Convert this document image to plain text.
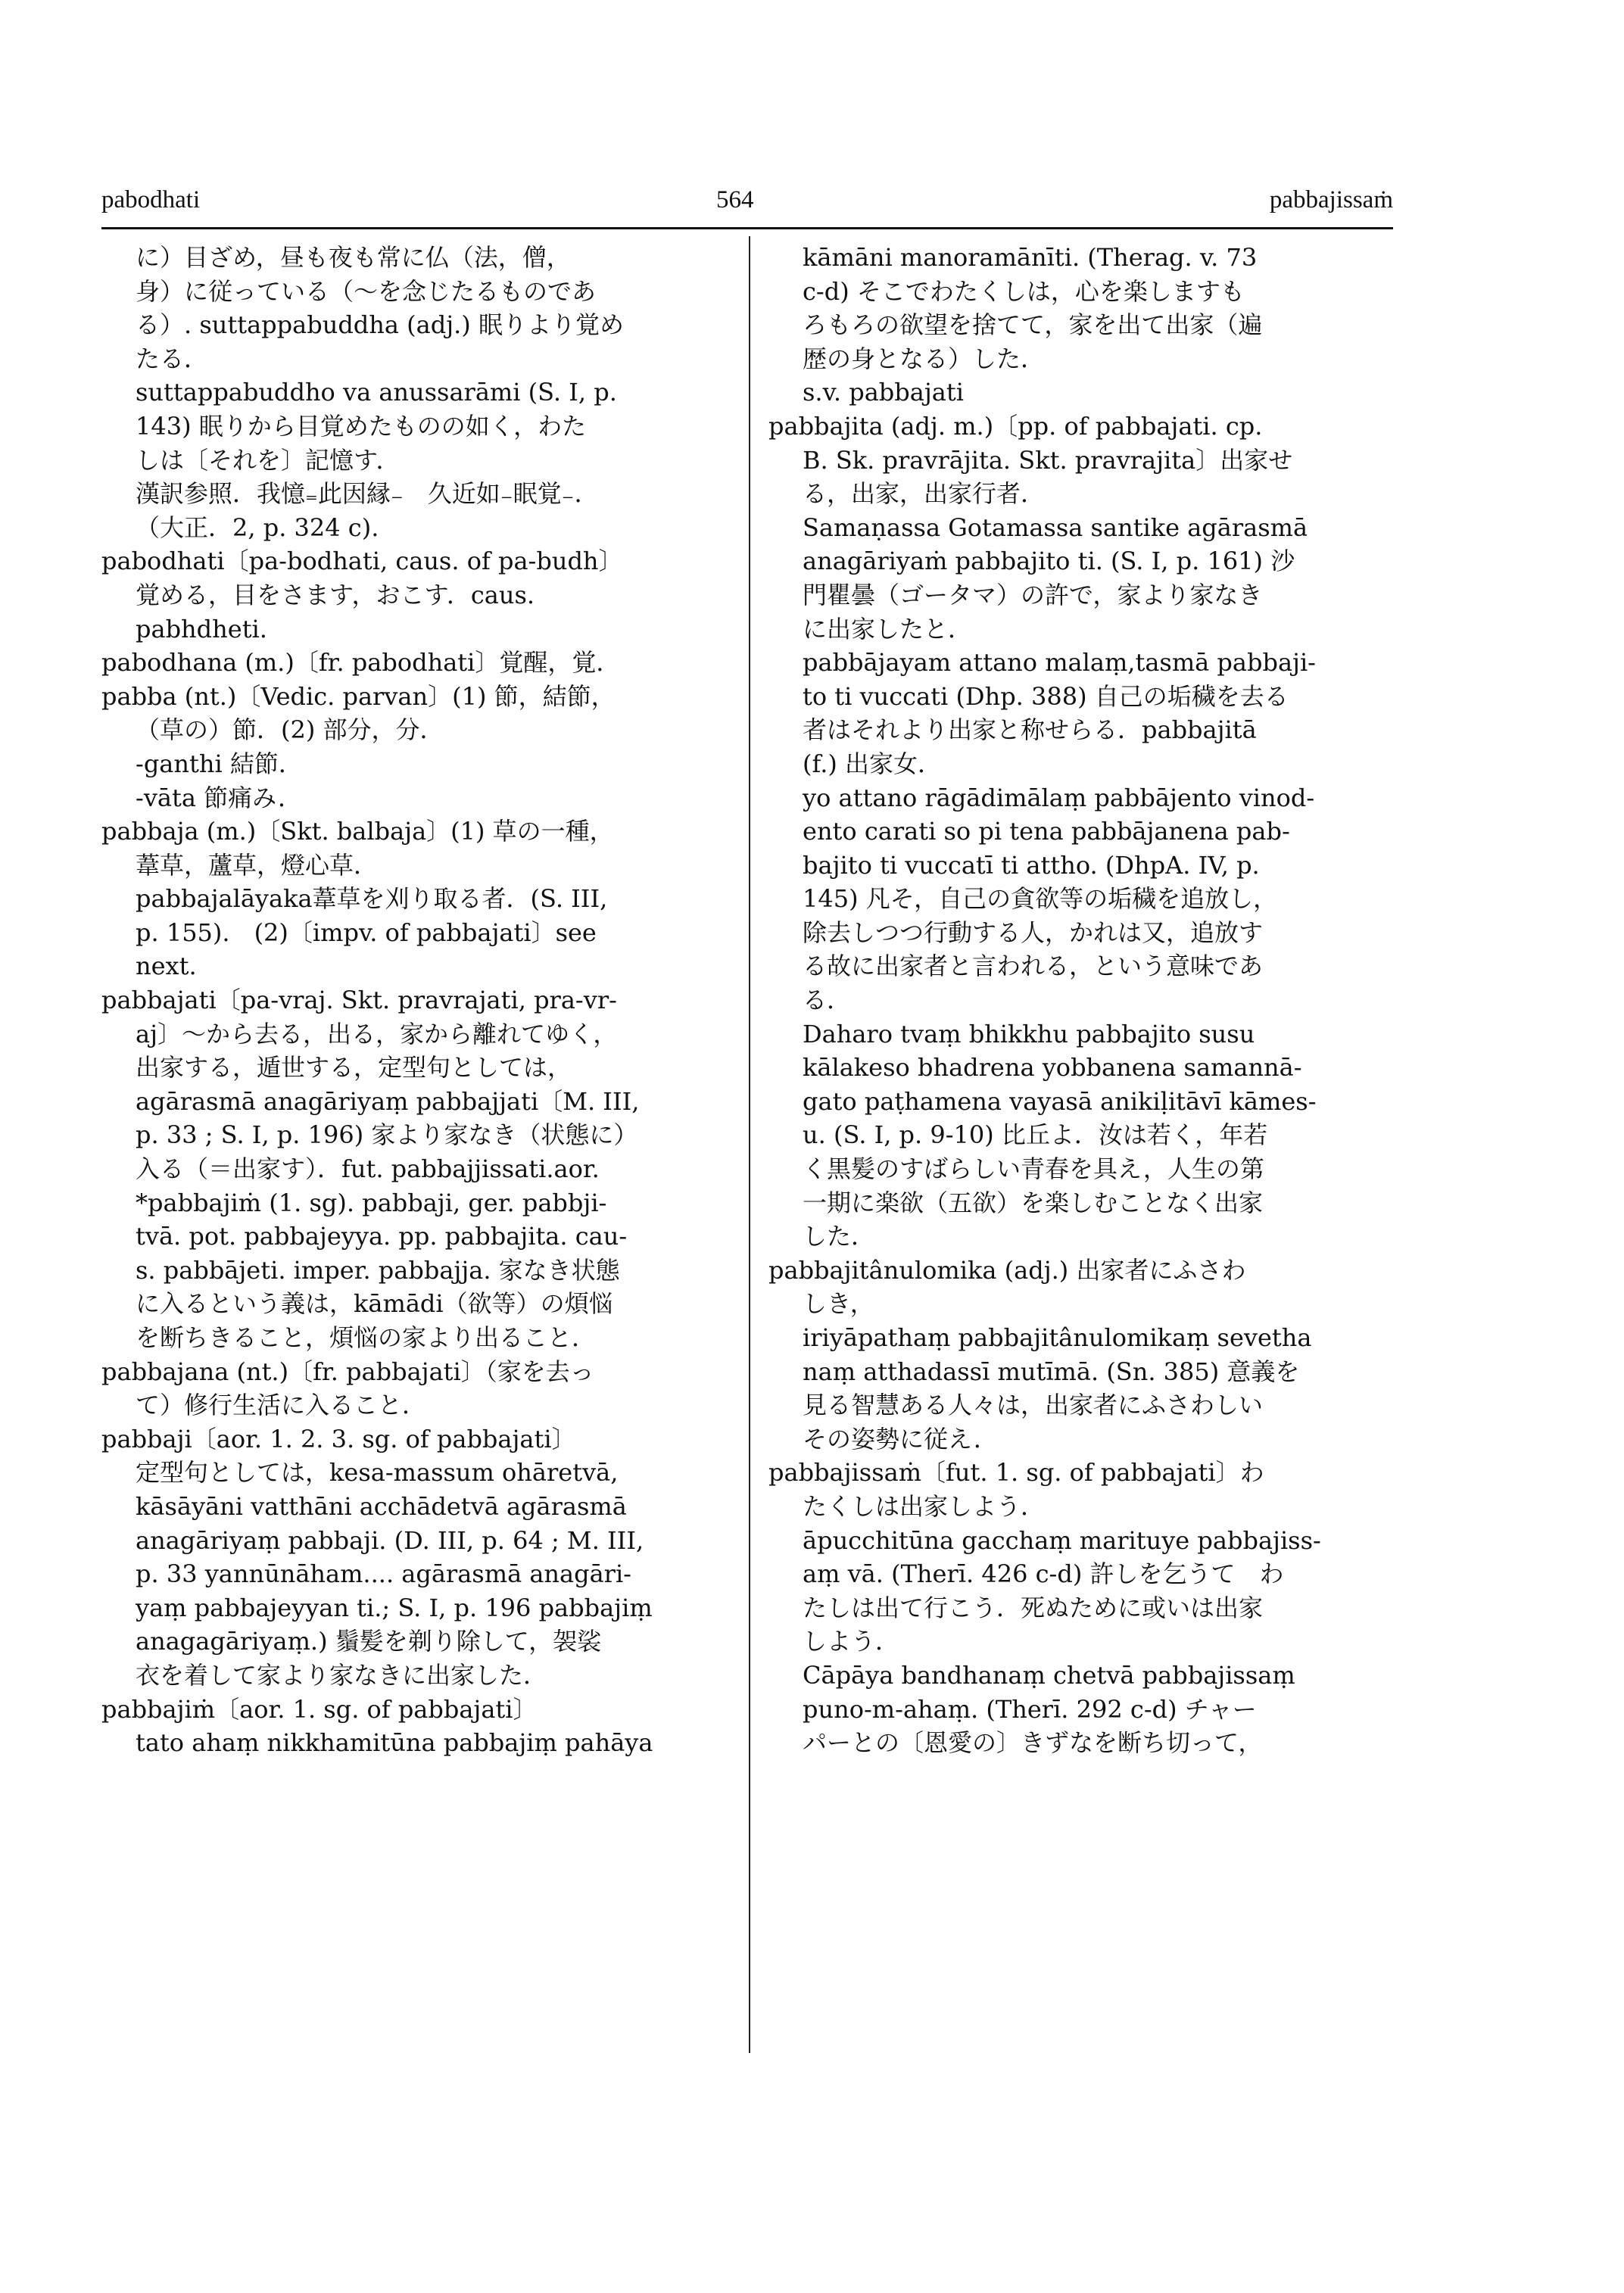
pabodhati	564	pabbajissaṁ

に）目ざめ，昼も夜も常に仏（法，僧，
身）に従っている（〜を念じたるものであ
る）. suttappabuddha (adj.) 眠りより覚め
たる．

suttappabuddho va anussarāmi (S. I, p.
143) 眠りから目覚めたものの如く，わた
しは〔それを〕記憶す．
漢訳参照．我憶₌此因縁₋　久近如₋眠覚₋．
（大正．2, p. 324 c).

pabodhati〔pa-bodhati, caus. of pa-budh〕
覚める，目をさます，おこす．caus.
pabhdheti.

pabodhana (m.)〔fr. pabodhati〕覚醒，覚．

pabba (nt.)〔Vedic. parvan〕(1) 節，結節，
（草の）節．(2) 部分，分．

-ganthi 結節．
-vāta 節痛み．

pabbaja (m.)〔Skt. balbaja〕(1) 草の一種，
葦草，蘆草，燈心草．

pabbajalāyaka葦草を刈り取る者．(S. III,
p. 155).　(2)〔impv. of pabbajati〕see
next.

pabbajati〔pa-vraj. Skt. pravrajati, pra-vr-
aj〕〜から去る，出る，家から離れてゆく，
出家する，遁世する，定型句としては，
agārasmā anagāriyaṃ pabbajjati〔M. III,
p. 33 ; S. I, p. 196) 家より家なき（状態に）
入る（＝出家す）．fut. pabbajjissati.aor.
*pabbajiṁ (1. sg). pabbaji, ger. pabbji-
tvā. pot. pabbajeyya. pp. pabbajita. cau-
s. pabbājeti. imper. pabbajja. 家なき状態
に入るという義は，kāmādi（欲等）の煩悩
を断ちきること，煩悩の家より出ること．

pabbajana (nt.)〔fr. pabbajati〕（家を去っ
て）修行生活に入ること．

pabbaji〔aor. 1. 2. 3. sg. of pabbajati〕
定型句としては，kesa-massum ohāretvā,
kāsāyāni vatthāni acchādetvā agārasmā
anagāriyaṃ pabbaji. (D. III, p. 64 ; M. III,
p. 33 yannūnāham.... agārasmā anagāri-
yaṃ pabbajeyyan ti.; S. I, p. 196 pabbajiṃ
anagagāriyaṃ.) 鬚髪を剃り除して，袈裟
衣を着して家より家なきに出家した．

pabbajiṁ〔aor. 1. sg. of pabbajati〕
tato ahaṃ nikkhamitūna pabbajiṃ pahāya

kāmāni manoramānīti. (Therag. v. 73
c-d) そこでわたくしは，心を楽しますも
ろもろの欲望を捨てて，家を出て出家（遍
歴の身となる）した．
s.v. pabbajati

pabbajita (adj. m.)〔pp. of pabbajati. cp.
B. Sk. pravrājita. Skt. pravrajita〕出家せ
る，出家，出家行者．

Samaṇassa Gotamassa santike agārasmā
anagāriyaṁ pabbajito ti. (S. I, p. 161) 沙
門瞿曇（ゴータマ）の許で，家より家なき
に出家したと．

pabbājayam attano malaṃ,tasmā pabbaji-
to ti vuccati (Dhp. 388) 自己の垢穢を去る
者はそれより出家と称せらる．pabbajitā
(f.) 出家女．

yo attano rāgādimālaṃ pabbājento vinod-
ento carati so pi tena pabbājanena pab-
bajito ti vuccatī ti attho. (DhpA. IV, p.
145) 凡そ，自己の貪欲等の垢穢を追放し，
除去しつつ行動する人，かれは又，追放す
る故に出家者と言われる，という意味であ
る．

Daharo tvaṃ bhikkhu pabbajito susu
kālakeso bhadrena yobbanena samannā-
gato paṭhamena vayasā anikiḷitāvī kāmes-
u. (S. I, p. 9-10) 比丘よ．汝は若く，年若
く黒髪のすばらしい青春を具え，人生の第
一期に楽欲（五欲）を楽しむことなく出家
した．

pabbajitânulomika (adj.) 出家者にふさわ
しき，

iriyāpathaṃ pabbajitânulomikaṃ sevetha
naṃ atthadassī mutīmā. (Sn. 385) 意義を
見る智慧ある人々は，出家者にふさわしい
その姿勢に従え．

pabbajissaṁ〔fut. 1. sg. of pabbajati〕わ
たくしは出家しよう．

āpucchitūna gacchaṃ marituye pabbajiss-
aṃ vā. (Therī. 426 c-d) 許しを乞うて　わ
たしは出て行こう．死ぬために或いは出家
しよう．

Cāpāya bandhanaṃ chetvā pabbajissaṃ
puno-m-ahaṃ. (Therī. 292 c-d) チャー
パーとの〔恩愛の〕きずなを断ち切って，
